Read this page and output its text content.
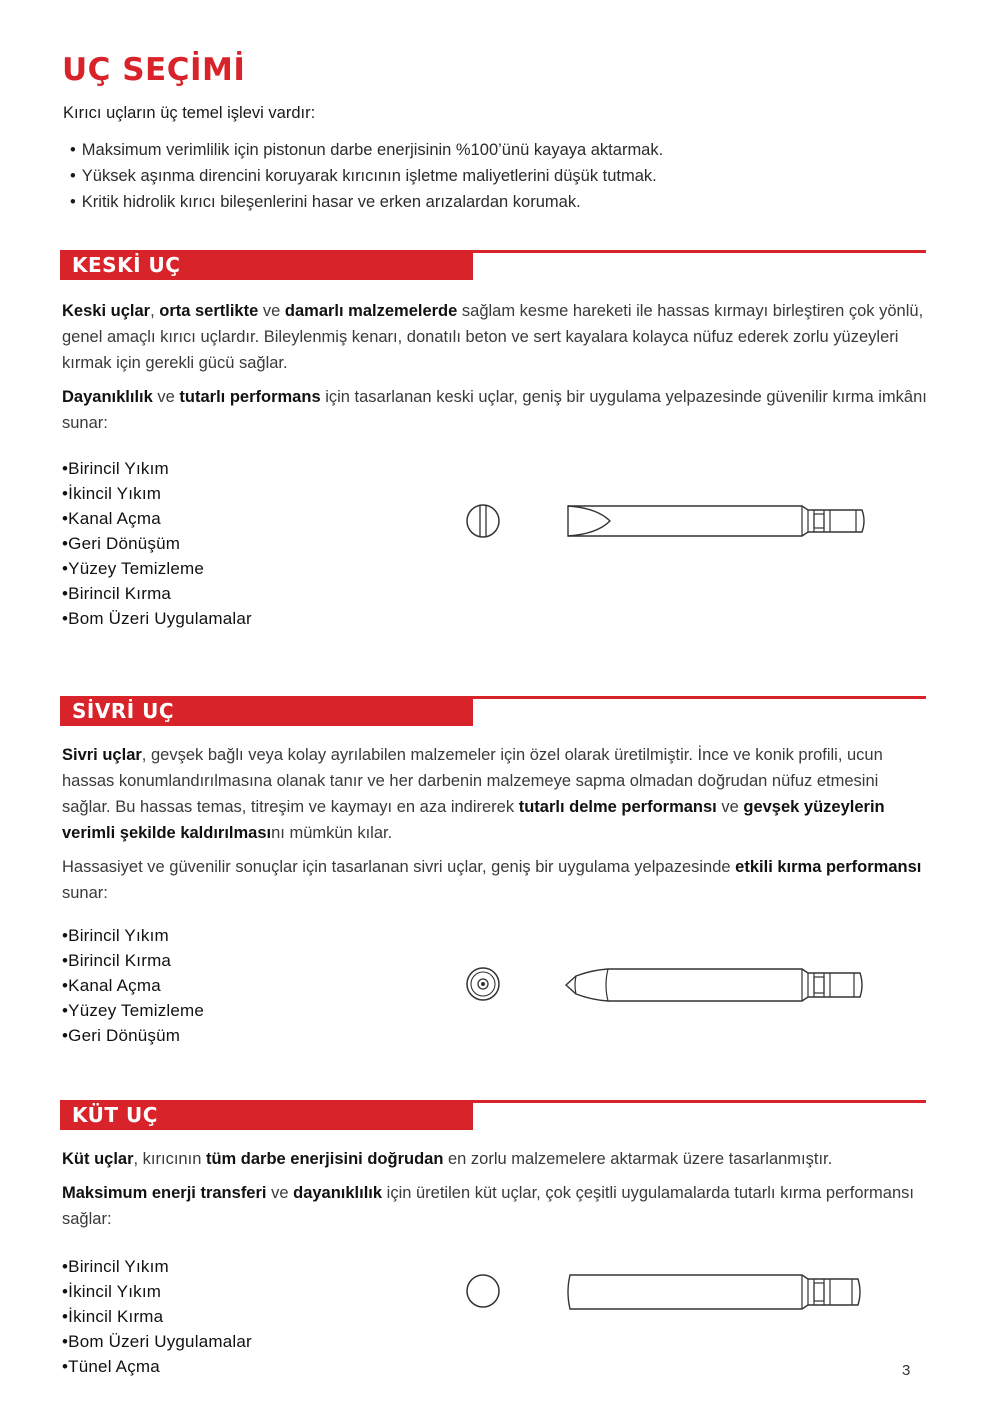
UÇ SEÇİMİ
Kırıcı uçların üç temel işlevi vardır:
• Maksimum verimlilik için pistonun darbe enerjisinin %100’ünü kayaya aktarmak.
• Yüksek aşınma direncini koruyarak kırıcının işletme maliyetlerini düşük tutmak.
• Kritik hidrolik kırıcı bileşenlerini hasar ve erken arızalardan korumak.
KESKİ UÇ

Keski uçlar, orta sertlikte ve damarlı malzemelerde sağlam kesme hareketi ile hassas kırmayı birleştiren çok yönlü, genel amaçlı kırıcı uçlardır. Bileylenmiş kenarı, donatılı beton ve sert kayalara kolayca nüfuz ederek zorlu yüzeyleri kırmak için gerekli gücü sağlar.

Dayanıklılık ve tutarlı performans için tasarlanan keski uçlar, geniş bir uygulama yelpazesinde güvenilir kırma imkânı sunar:

• Birincil Yıkım
• İkincil Yıkım
• Kanal Açma
• Geri Dönüşüm
• Yüzey Temizleme
• Birincil Kırma
• Bom Üzeri Uygulamalar
SİVRİ UÇ

Sivri uçlar, gevşek bağlı veya kolay ayrılabilen malzemeler için özel olarak üretilmiştir. İnce ve konik profili, ucun hassas konumlandırılmasına olanak tanır ve her darbenin malzemeye sapma olmadan doğrudan nüfuz etmesini sağlar. Bu hassas temas, titreşim ve kaymayı en aza indirerek tutarlı delme performansı ve gevşek yüzeylerin verimli şekilde kaldırılmasını mümkün kılar.

Hassasiyet ve güvenilir sonuçlar için tasarlanan sivri uçlar, geniş bir uygulama yelpazesinde etkili kırma performansı sunar:

• Birincil Yıkım
• Birincil Kırma
• Kanal Açma
• Yüzey Temizleme
• Geri Dönüşüm
KÜT UÇ

Küt uçlar, kırıcının tüm darbe enerjisini doğrudan en zorlu malzemelere aktarmak üzere tasarlanmıştır.

Maksimum enerji transferi ve dayanıklılık için üretilen küt uçlar, çok çeşitli uygulamalarda tutarlı kırma performansı sağlar:

• Birincil Yıkım
• İkincil Yıkım
• İkincil Kırma
• Bom Üzeri Uygulamalar
• Tünel Açma	3
